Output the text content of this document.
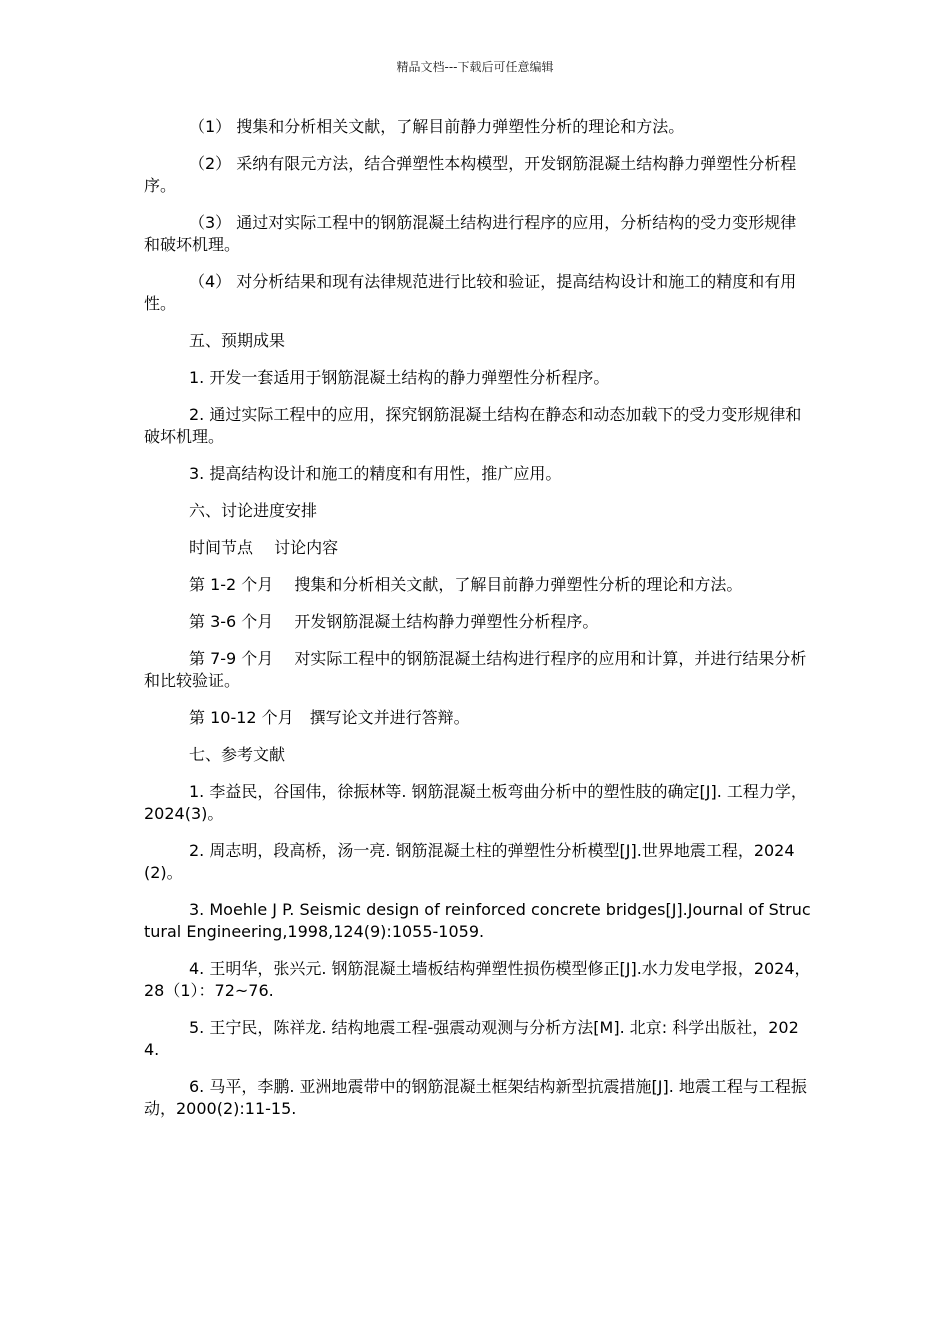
精品文档---下载后可任意编辑

（1） 搜集和分析相关文献，了解目前静力弹塑性分析的理论和方法。

（2） 采纳有限元方法，结合弹塑性本构模型，开发钢筋混凝土结构静力弹塑性分析程序。

（3） 通过对实际工程中的钢筋混凝土结构进行程序的应用，分析结构的受力变形规律和破坏机理。

（4） 对分析结果和现有法律规范进行比较和验证，提高结构设计和施工的精度和有用性。

五、预期成果

1. 开发一套适用于钢筋混凝土结构的静力弹塑性分析程序。

2. 通过实际工程中的应用，探究钢筋混凝土结构在静态和动态加载下的受力变形规律和破坏机理。

3. 提高结构设计和施工的精度和有用性，推广应用。

六、讨论进度安排

时间节点　 讨论内容

第 1-2 个月　 搜集和分析相关文献，了解目前静力弹塑性分析的理论和方法。

第 3-6 个月　 开发钢筋混凝土结构静力弹塑性分析程序。

第 7-9 个月　 对实际工程中的钢筋混凝土结构进行程序的应用和计算，并进行结果分析和比较验证。

第 10-12 个月　撰写论文并进行答辩。

七、参考文献

1. 李益民，谷国伟，徐振林等. 钢筋混凝土板弯曲分析中的塑性肢的确定[J]. 工程力学，2024(3)。

2. 周志明，段高桥，汤一亮. 钢筋混凝土柱的弹塑性分析模型[J].世界地震工程，2024(2)。

3. Moehle J P. Seismic design of reinforced concrete bridges[J].Journal of Structural Engineering,1998,124(9):1055-1059.

4. 王明华，张兴元. 钢筋混凝土墙板结构弹塑性损伤模型修正[J].水力发电学报，2024，28（1）：72~76.

5. 王宁民，陈祥龙. 结构地震工程-强震动观测与分析方法[M]. 北京: 科学出版社，2024.

6. 马平，李鹏. 亚洲地震带中的钢筋混凝土框架结构新型抗震措施[J]. 地震工程与工程振动，2000(2):11-15.
